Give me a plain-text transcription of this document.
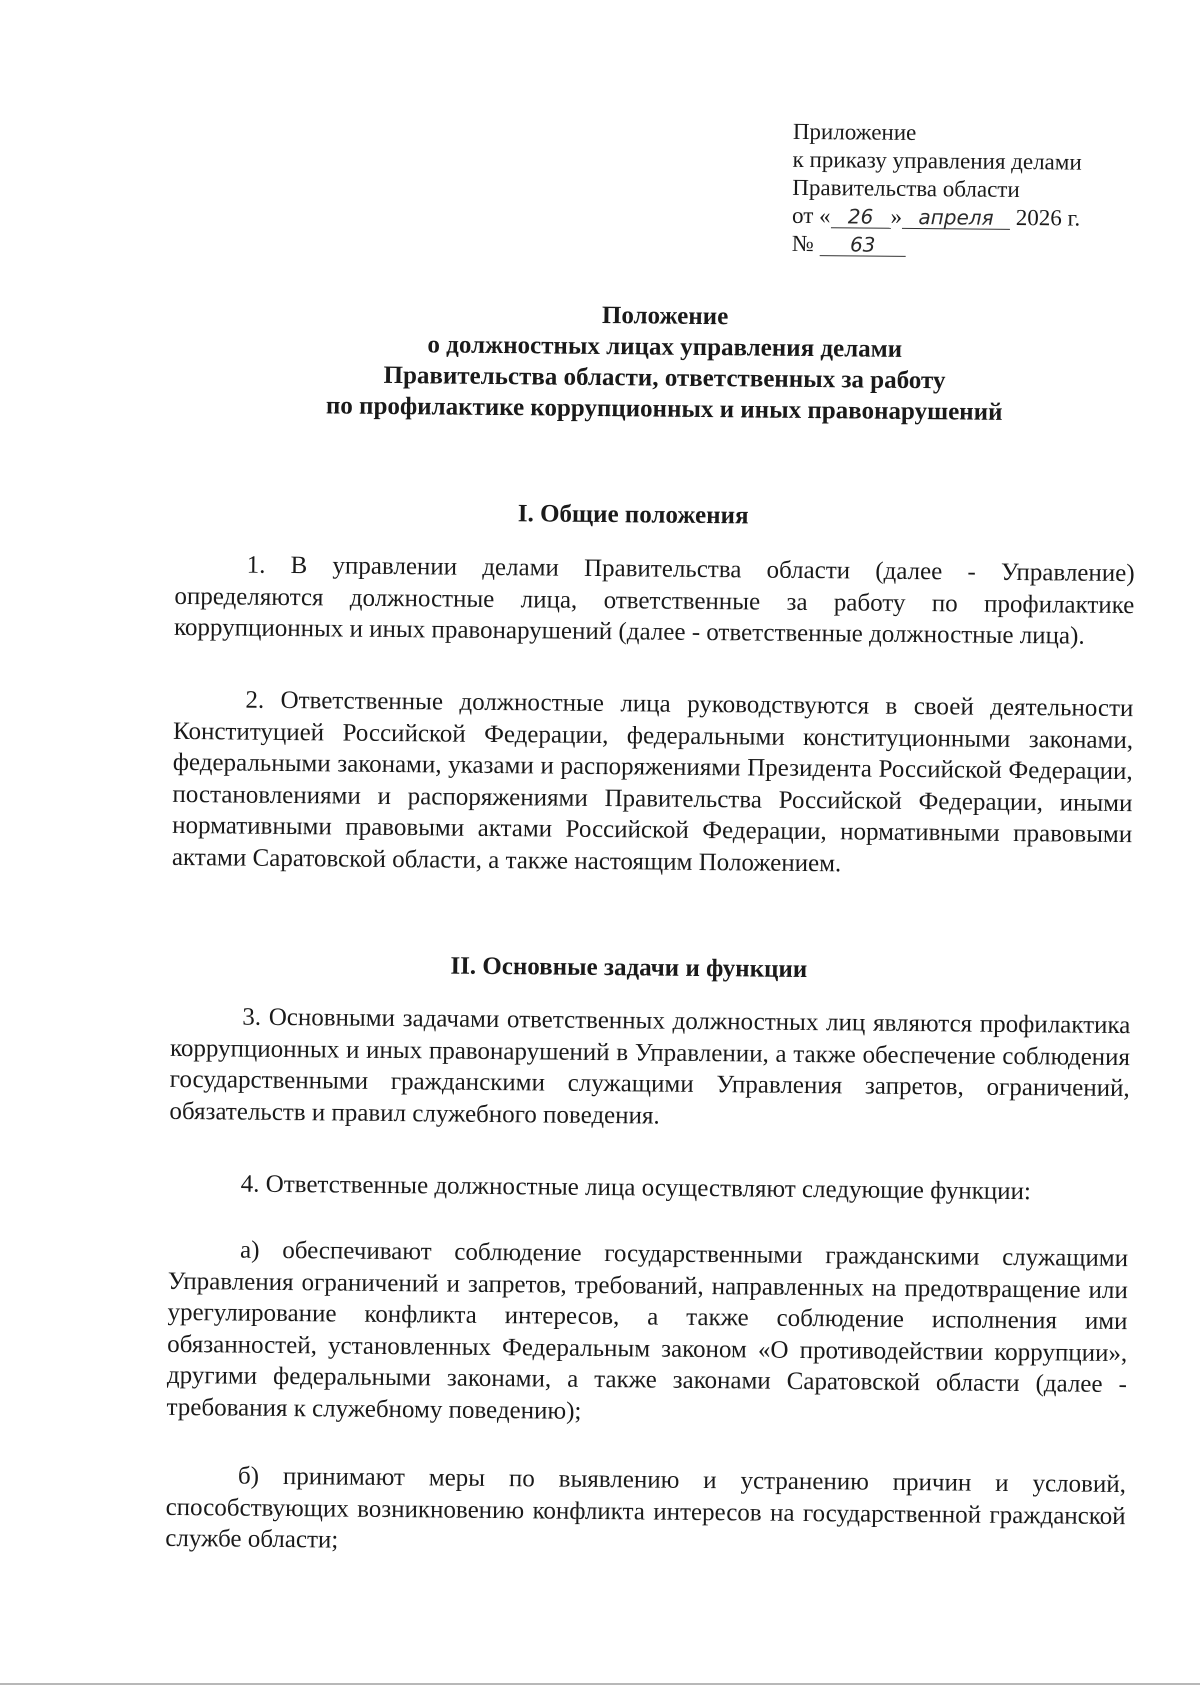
Приложение
к приказу управления делами
Правительства области
от « 26 » апреля 2026 г.
№ 63
Положение
о должностных лицах управления делами
Правительства области, ответственных за работу
по профилактике коррупционных и иных правонарушений
I. Общие положения
1. В управлении делами Правительства области (далее - Управление) определяются должностные лица, ответственные за работу по профилактике коррупционных и иных правонарушений (далее - ответственные должностные лица).
2. Ответственные должностные лица руководствуются в своей деятельности Конституцией Российской Федерации, федеральными конституционными законами, федеральными законами, указами и распоряжениями Президента Российской Федерации, постановлениями и распоряжениями Правительства Российской Федерации, иными нормативными правовыми актами Российской Федерации, нормативными правовыми актами Саратовской области, а также настоящим Положением.
II. Основные задачи и функции
3. Основными задачами ответственных должностных лиц являются профилактика коррупционных и иных правонарушений в Управлении, а также обеспечение соблюдения государственными гражданскими служащими Управления запретов, ограничений, обязательств и правил служебного поведения.
4. Ответственные должностные лица осуществляют следующие функции:
а) обеспечивают соблюдение государственными гражданскими служащими Управления ограничений и запретов, требований, направленных на предотвращение или урегулирование конфликта интересов, а также соблюдение исполнения ими обязанностей, установленных Федеральным законом «О противодействии коррупции», другими федеральными законами, а также законами Саратовской области (далее - требования к служебному поведению);
б) принимают меры по выявлению и устранению причин и условий, способствующих возникновению конфликта интересов на государственной гражданской службе области;
